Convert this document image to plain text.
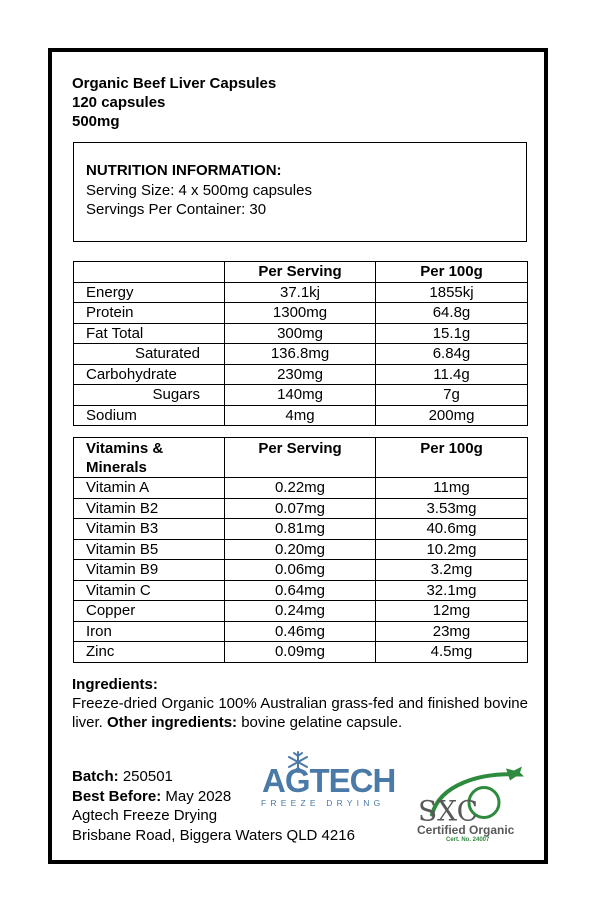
Organic Beef Liver Capsules
120 capsules
500mg
NUTRITION INFORMATION:
Serving Size: 4 x 500mg capsules
Servings Per Container: 30
	Per Serving	Per 100g
Energy	37.1kj	1855kj
Protein	1300mg	64.8g
Fat Total	300mg	15.1g
Saturated	136.8mg	6.84g
Carbohydrate	230mg	11.4g
Sugars	140mg	7g
Sodium	4mg	200mg
Vitamins & Minerals	Per Serving	Per 100g
Vitamin A	0.22mg	11mg
Vitamin B2	0.07mg	3.53mg
Vitamin B3	0.81mg	40.6mg
Vitamin B5	0.20mg	10.2mg
Vitamin B9	0.06mg	3.2mg
Vitamin C	0.64mg	32.1mg
Copper	0.24mg	12mg
Iron	0.46mg	23mg
Zinc	0.09mg	4.5mg
Ingredients:

Freeze-dried Organic 100% Australian grass-fed and finished bovine liver. Other ingredients: bovine gelatine capsule.

Batch: 250501
Best Before: May 2028
Agtech Freeze Drying
Brisbane Road, Biggera Waters QLD 4216
AGTECH
FREEZE DRYING SXC
Certified Organic
Cert. No. 24007
